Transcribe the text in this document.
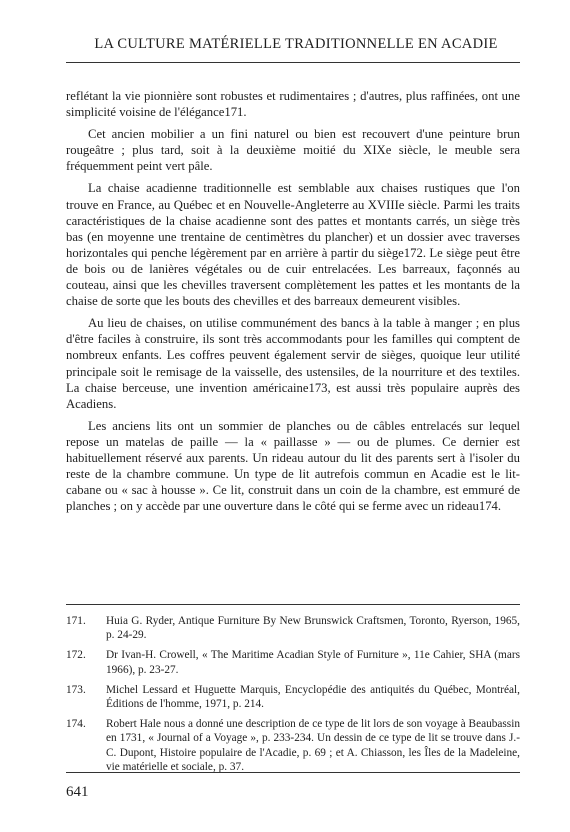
LA CULTURE MATÉRIELLE TRADITIONNELLE EN ACADIE

reflétant la vie pionnière sont robustes et rudimentaires ; d'autres, plus raffinées, ont une simplicité voisine de l'élégance171.

Cet ancien mobilier a un fini naturel ou bien est recouvert d'une peinture brun rougeâtre ; plus tard, soit à la deuxième moitié du XIXe siècle, le meuble sera fréquemment peint vert pâle.

La chaise acadienne traditionnelle est semblable aux chaises rustiques que l'on trouve en France, au Québec et en Nouvelle-Angleterre au XVIIIe siècle. Parmi les traits caractéristiques de la chaise acadienne sont des pattes et montants carrés, un siège très bas (en moyenne une trentaine de centimètres du plancher) et un dossier avec traverses horizontales qui penche légèrement par en arrière à partir du siège172. Le siège peut être de bois ou de lanières végétales ou de cuir entrelacées. Les barreaux, façonnés au couteau, ainsi que les chevilles traversent complètement les pattes et les montants de la chaise de sorte que les bouts des chevilles et des barreaux demeurent visibles.

Au lieu de chaises, on utilise communément des bancs à la table à manger ; en plus d'être faciles à construire, ils sont très accommodants pour les familles qui comptent de nombreux enfants. Les coffres peuvent également servir de sièges, quoique leur utilité principale soit le remisage de la vaisselle, des ustensiles, de la nourriture et des textiles. La chaise berceuse, une invention américaine173, est aussi très populaire auprès des Acadiens.

Les anciens lits ont un sommier de planches ou de câbles entrelacés sur lequel repose un matelas de paille — la « paillasse » — ou de plumes. Ce dernier est habituellement réservé aux parents. Un rideau autour du lit des parents sert à l'isoler du reste de la chambre commune. Un type de lit autrefois commun en Acadie est le lit-cabane ou « sac à housse ». Ce lit, construit dans un coin de la chambre, est emmuré de planches ; on y accède par une ouverture dans le côté qui se ferme avec un rideau174.

171.	Huia G. Ryder, Antique Furniture By New Brunswick Craftsmen, Toronto, Ryerson, 1965, p. 24-29.
172.	Dr Ivan-H. Crowell, « The Maritime Acadian Style of Furniture », 11e Cahier, SHA (mars 1966), p. 23-27.
173.	Michel Lessard et Huguette Marquis, Encyclopédie des antiquités du Québec, Montréal, Éditions de l'homme, 1971, p. 214.
174.	Robert Hale nous a donné une description de ce type de lit lors de son voyage à Beaubassin en 1731, « Journal of a Voyage », p. 233-234. Un dessin de ce type de lit se trouve dans J.-C. Dupont, Histoire populaire de l'Acadie, p. 69 ; et A. Chiasson, les Îles de la Madeleine, vie matérielle et sociale, p. 37.
641
